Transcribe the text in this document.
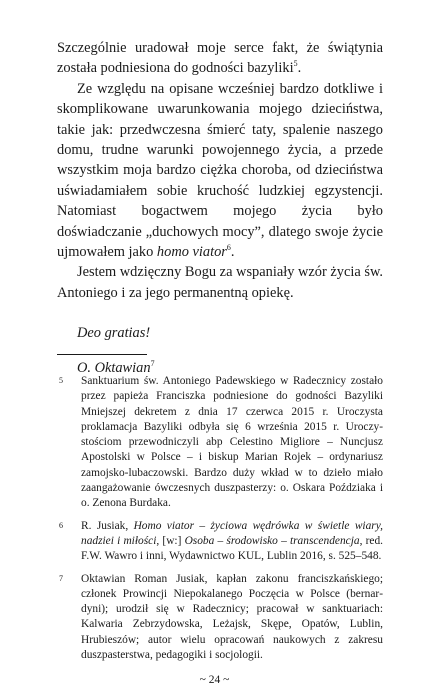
Szczególnie uradował moje serce fakt, że świątynia została podniesiona do godności bazyliki$^5$.

Ze względu na opisane wcześniej bardzo dotkliwe i skomplikowane uwarunkowania mojego dzieciństwa, takie jak: przedwczesna śmierć taty, spalenie naszego domu, trudne warunki powojennego życia, a przede wszystkim moja bardzo ciężka choroba, od dzieciństwa uświadamiałem sobie kruchość ludzkiej egzystencji. Natomiast bogactwem mojego życia było doświadczanie „duchowych mocy”, dlatego swoje życie ujmowałem jako homo viator$^6$.

Jestem wdzięczny Bogu za wspaniały wzór życia św. Antoniego i za jego permanentną opiekę.

Deo gratias!
O. Oktawian$^7$
5 Sanktuarium św. Antoniego Padewskiego w Radecznicy zostało przez papieża Franciszka podniesione do godności Bazyliki Mniejszej dekretem z dnia 17 czerwca 2015 r. Uroczysta proklamacja Bazyliki odbyła się 6 września 2015 r. Uroczystościom przewodniczyli abp Celestino Migliore – Nuncjusz Apostolski w Polsce – i biskup Marian Rojek – ordynariusz zamojsko-lubaczowski. Bardzo duży wkład w to dzieło miało zaangażowanie ówczesnych duszpasterzy: o. Oskara Poździaka i o. Zenona Burdaka.
6 R. Jusiak, Homo viator – życiowa wędrówka w świetle wiary, nadziei i miłości, [w:] Osoba – środowisko – transcendencja, red. F.W. Wawro i inni, Wydawnictwo KUL, Lublin 2016, s. 525–548.
7 Oktawian Roman Jusiak, kapłan zakonu franciszkańskiego; członek Prowincji Niepokalanego Poczęcia w Polsce (bernardyni); urodził się w Radecznicy; pracował w sanktuariach: Kalwaria Zebrzydowska, Leżajsk, Skępe, Opatów, Lublin, Hrubieszów; autor wielu opracowań naukowych z zakresu duszpasterstwa, pedagogiki i socjologii.
~ 24 ~
